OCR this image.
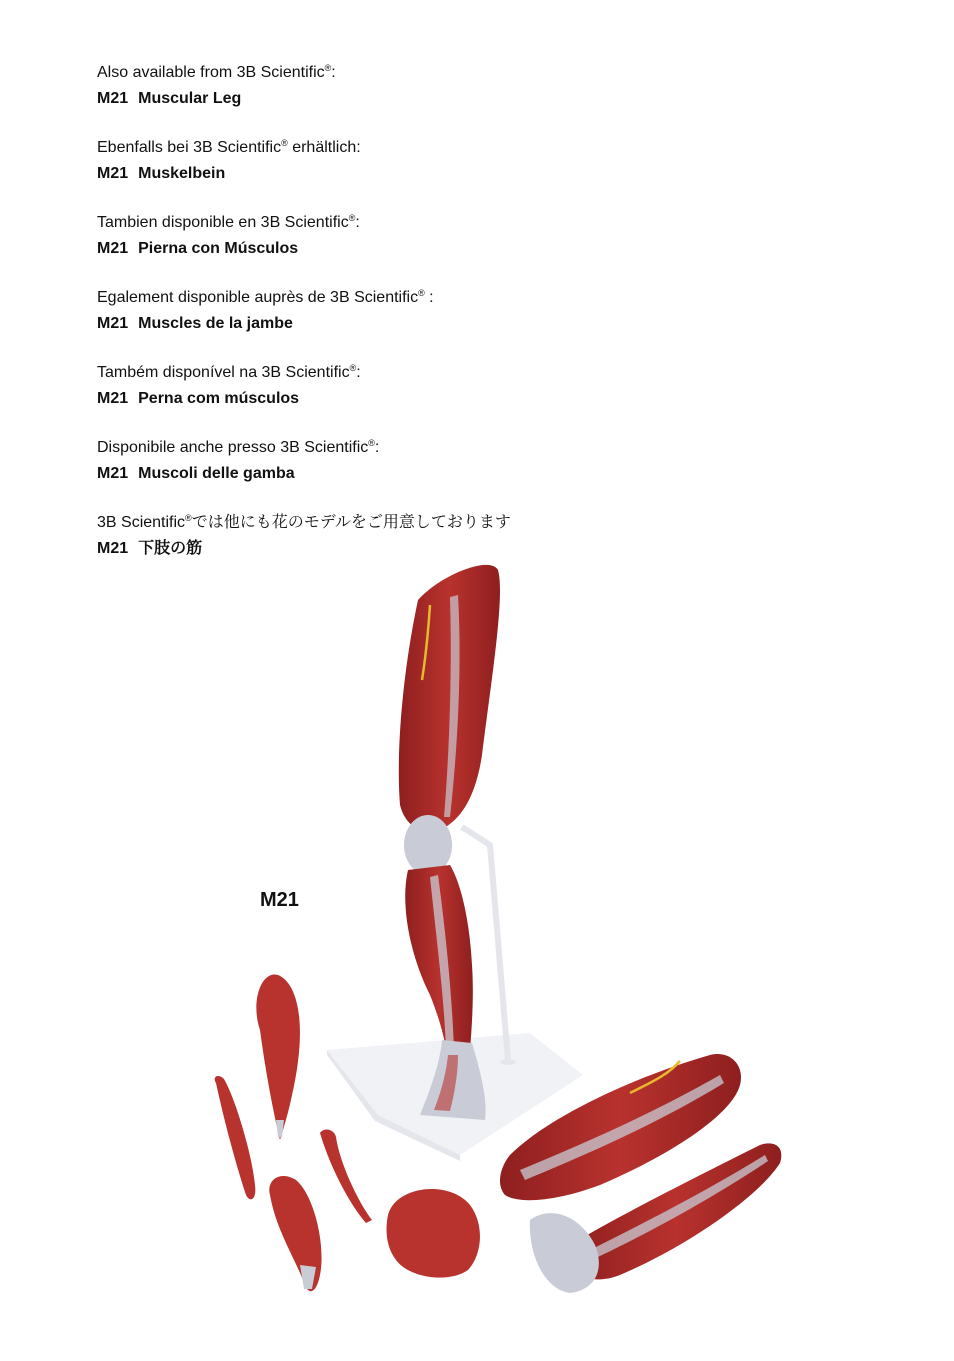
Also available from 3B Scientific®:
M21 Muscular Leg
Ebenfalls bei 3B Scientific® erhältlich:
M21 Muskelbein
Tambien disponible en 3B Scientific®:
M21 Pierna con Músculos
Egalement disponible auprès de 3B Scientific® :
M21 Muscles de la jambe
Também disponível na 3B Scientific®:
M21 Perna com músculos
Disponibile anche presso 3B Scientific®:
M21 Muscoli delle gamba
3B Scientific®では他にも花のモデルをご用意しております
M21 下肢の筋
M21
